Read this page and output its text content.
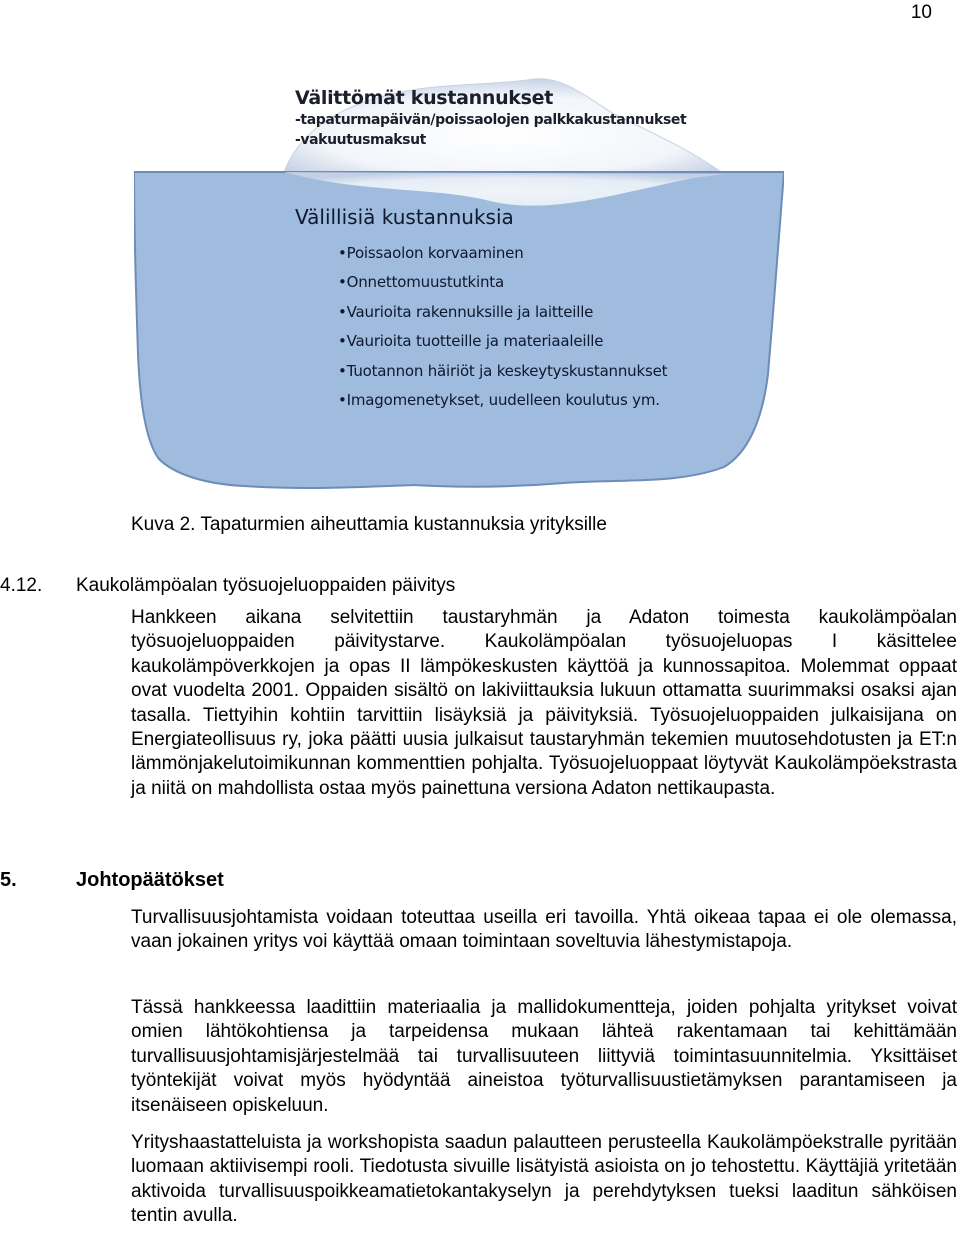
10
Välittömät kustannukset
-tapaturmapäivän/poissaolojen palkkakustannukset
-vakuutusmaksut
Välillisiä kustannuksia
•Poissaolon korvaaminen
•Onnettomuustutkinta
•Vaurioita rakennuksille ja laitteille
•Vaurioita tuotteille ja materiaaleille
•Tuotannon häiriöt ja keskeytyskustannukset
•Imagomenetykset, uudelleen koulutus ym.
Kuva 2. Tapaturmien aiheuttamia kustannuksia yrityksille
4.12. Kaukolämpöalan työsuojeluoppaiden päivitys

Hankkeen aikana selvitettiin taustaryhmän ja Adaton toimesta kaukolämpöalan työsuojeluoppaiden päivitystarve. Kaukolämpöalan työsuojeluopas I käsittelee kaukolämpöverkkojen ja opas II lämpökeskusten käyttöä ja kunnossapitoa. Molemmat oppaat ovat vuodelta 2001. Oppaiden sisältö on lakiviittauksia lukuun ottamatta suurimmaksi osaksi ajan tasalla. Tiettyihin kohtiin tarvittiin lisäyksiä ja päivityksiä. Työsuojeluoppaiden julkaisijana on Energiateollisuus ry, joka päätti uusia julkaisut taustaryhmän tekemien muutosehdotusten ja ET:n lämmönjakelutoimikunnan kommenttien pohjalta. Työsuojeluoppaat löytyvät Kaukolämpöekstrasta ja niitä on mahdollista ostaa myös painettuna versiona Adaton nettikaupasta.

5.	Johtopäätökset

Turvallisuusjohtamista voidaan toteuttaa useilla eri tavoilla. Yhtä oikeaa tapaa ei ole olemassa, vaan jokainen yritys voi käyttää omaan toimintaan soveltuvia lähestymistapoja.

Tässä hankkeessa laadittiin materiaalia ja mallidokumentteja, joiden pohjalta yritykset voivat omien lähtökohtiensa ja tarpeidensa mukaan lähteä rakentamaan tai kehittämään turvallisuusjohtamisjärjestelmää tai turvallisuuteen liittyviä toimintasuunnitelmia. Yksittäiset työntekijät voivat myös hyödyntää aineistoa työturvallisuustietämyksen parantamiseen ja itsenäiseen opiskeluun.

Yrityshaastatteluista ja workshopista saadun palautteen perusteella Kaukolämpöekstralle pyritään luomaan aktiivisempi rooli. Tiedotusta sivuille lisätyistä asioista on jo tehostettu. Käyttäjiä yritetään aktivoida turvallisuuspoikkeamatietokantakyselyn ja perehdytyksen tueksi laaditun sähköisen tentin avulla.
